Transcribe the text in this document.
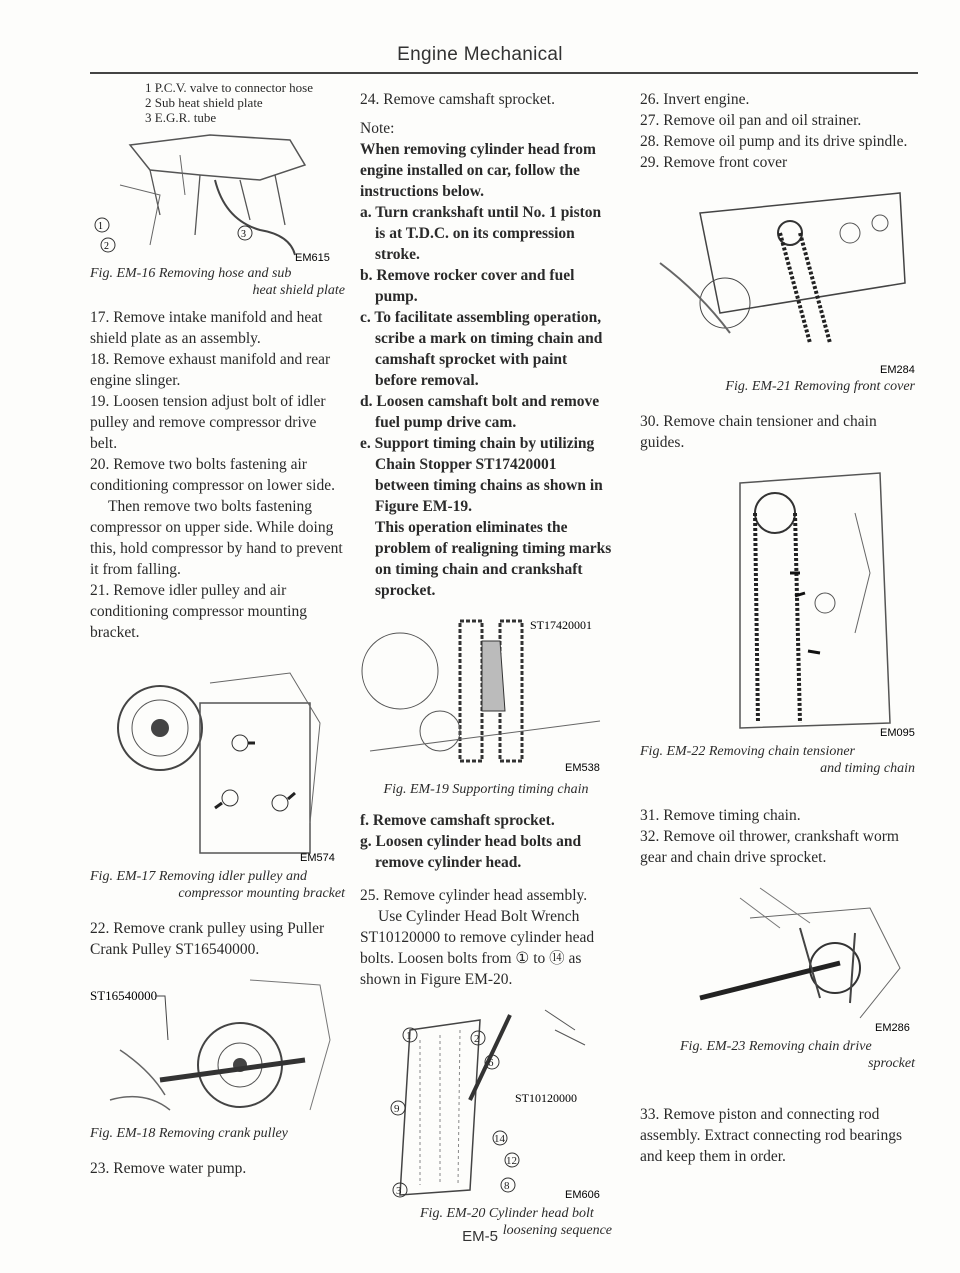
Engine Mechanical
1 P.C.V. valve to connector hose
2 Sub heat shield plate
3 E.G.R. tube
1
2
3
EM615
Fig. EM-16 Removing hose and sub
heat shield plate

17. Remove intake manifold and heat shield plate as an assembly.

18. Remove exhaust manifold and rear engine slinger.

19. Loosen tension adjust bolt of idler pulley and remove compressor drive belt.

20. Remove two bolts fastening air conditioning compressor on lower side.

Then remove two bolts fastening compressor on upper side. While doing this, hold compressor by hand to prevent it from falling.

21. Remove idler pulley and air conditioning compressor mounting bracket.

EM574
Fig. EM-17 Removing idler pulley and
compressor mounting bracket

22. Remove crank pulley using Puller Crank Pulley ST16540000.

ST16540000
Fig. EM-18 Removing crank pulley

23. Remove water pump.

24. Remove camshaft sprocket.

Note:

When removing cylinder head from engine installed on car, follow the instructions below.

a. Turn crankshaft until No. 1 piston is at T.D.C. on its compression stroke.

b. Remove rocker cover and fuel pump.

c. To facilitate assembling operation, scribe a mark on timing chain and camshaft sprocket with paint before removal.

d. Loosen camshaft bolt and remove fuel pump drive cam.

e. Support timing chain by utilizing Chain Stopper ST17420001 between timing chains as shown in Figure EM-19.

This operation eliminates the problem of realigning timing marks on timing chain and crankshaft sprocket.

ST17420001
EM538
Fig. EM-19 Supporting timing chain

f. Remove camshaft sprocket.

g. Loosen cylinder head bolts and remove cylinder head.

25. Remove cylinder head assembly.

Use Cylinder Head Bolt Wrench ST10120000 to remove cylinder head bolts. Loosen bolts from ① to ⑭ as shown in Figure EM-20.

ST10120000
1	2
6
9
14
12
8
3	EM606
Fig. EM-20 Cylinder head bolt
loosening sequence

26. Invert engine.

27. Remove oil pan and oil strainer.

28. Remove oil pump and its drive spindle.

29. Remove front cover

EM284
Fig. EM-21 Removing front cover

30. Remove chain tensioner and chain guides.

EM095
Fig. EM-22 Removing chain tensioner
and timing chain

31. Remove timing chain.

32. Remove oil thrower, crankshaft worm gear and chain drive sprocket.

EM286
Fig. EM-23 Removing chain drive
sprocket

33. Remove piston and connecting rod assembly. Extract connecting rod bearings and keep them in order.

EM-5
